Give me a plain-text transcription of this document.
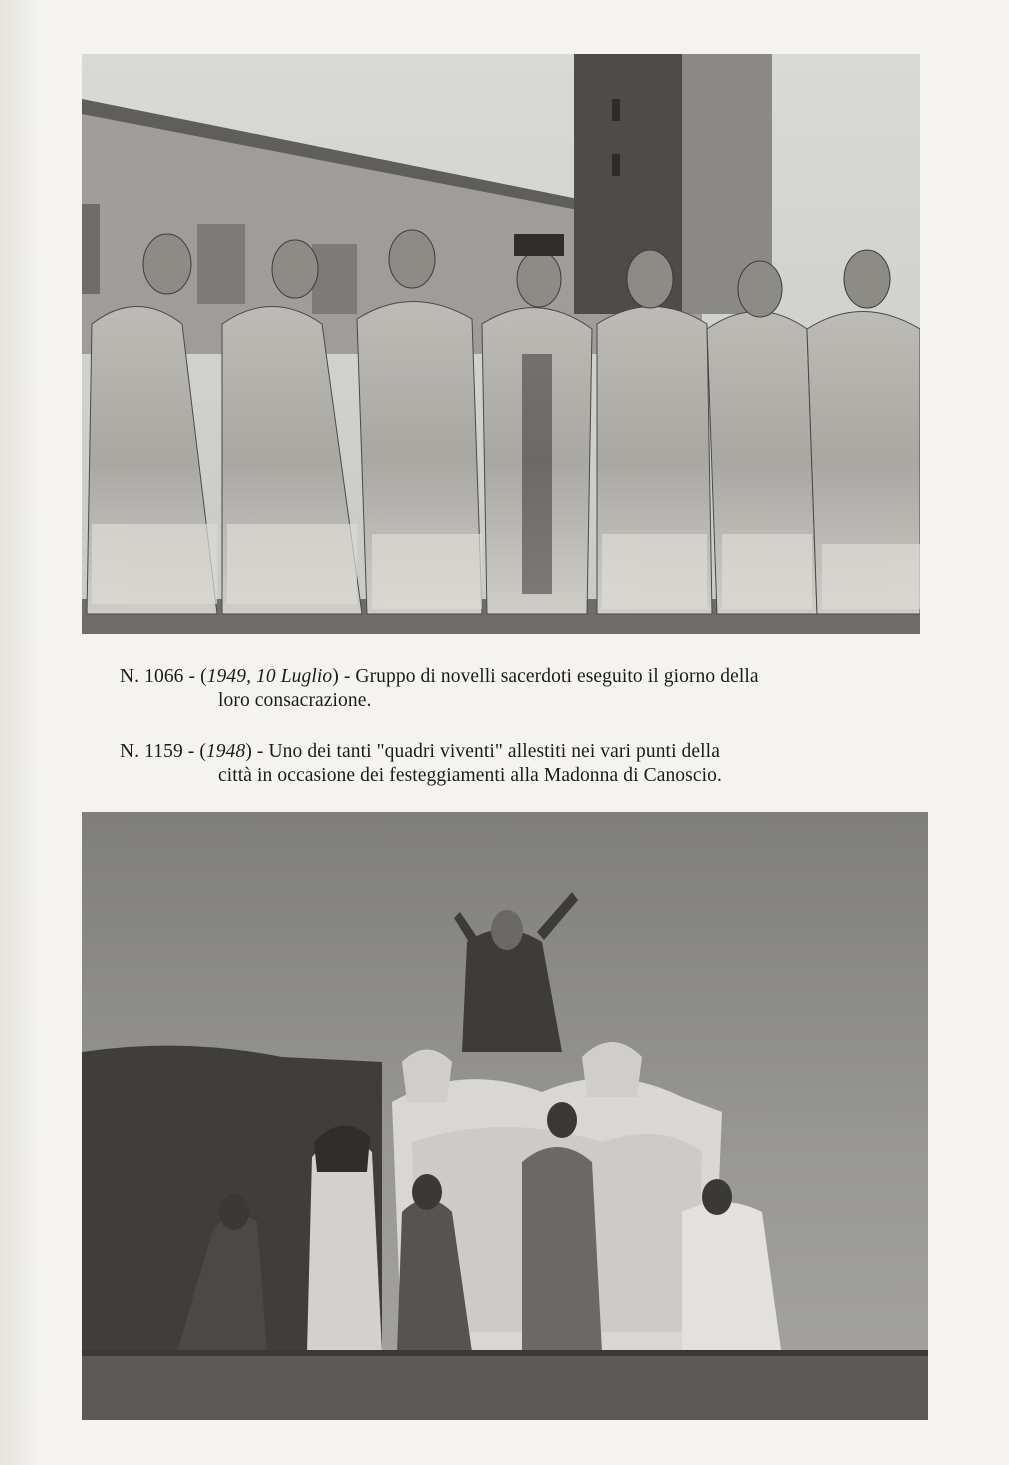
N. 1066 - (1949, 10 Luglio) - Gruppo di novelli sacerdoti eseguito il giorno della
loro consacrazione.
N. 1159 - (1948) - Uno dei tanti "quadri viventi" allestiti nei vari punti della
città in occasione dei festeggiamenti alla Madonna di Canoscio.
